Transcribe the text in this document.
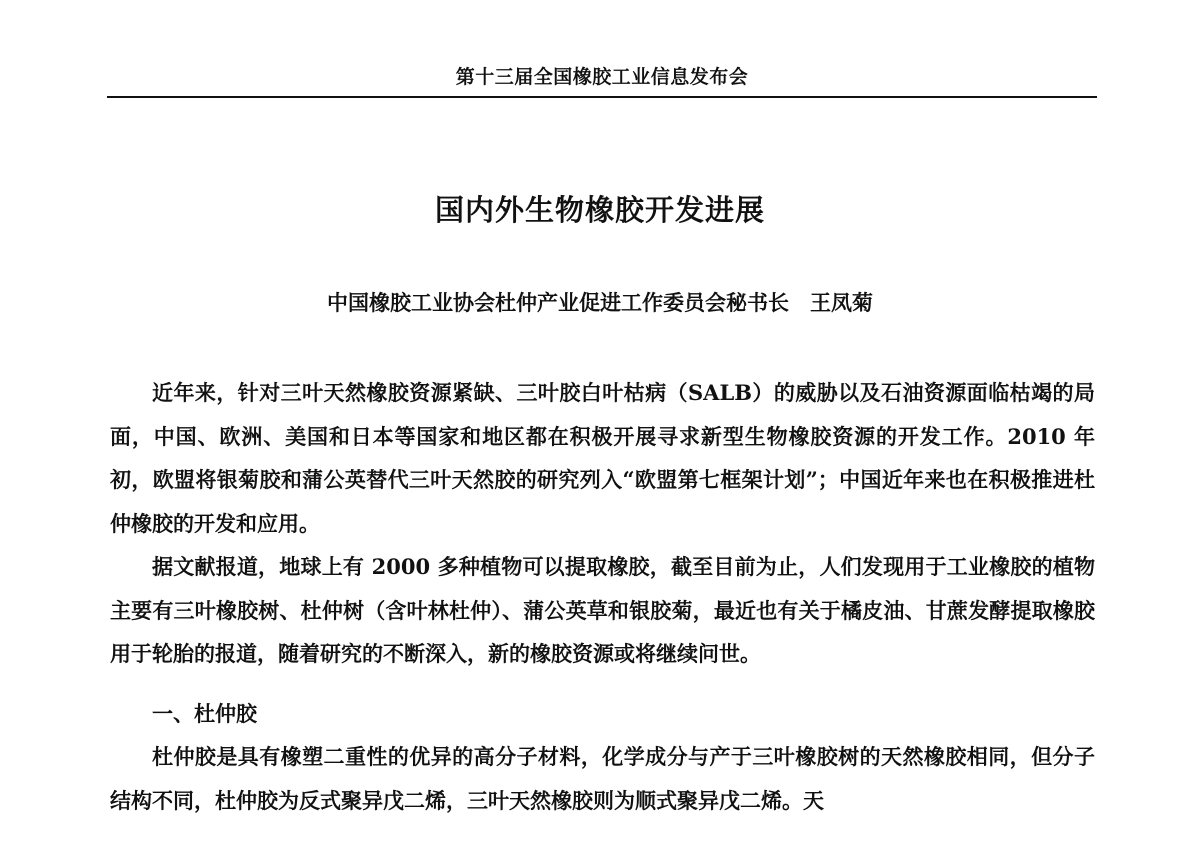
第十三届全国橡胶工业信息发布会
国内外生物橡胶开发进展
中国橡胶工业协会杜仲产业促进工作委员会秘书长　王凤菊

近年来，针对三叶天然橡胶资源紧缺、三叶胶白叶枯病（SALB）的威胁以及石油资源面临枯竭的局面，中国、欧洲、美国和日本等国家和地区都在积极开展寻求新型生物橡胶资源的开发工作。2010 年初，欧盟将银菊胶和蒲公英替代三叶天然胶的研究列入“欧盟第七框架计划”；中国近年来也在积极推进杜仲橡胶的开发和应用。

据文献报道，地球上有 2000 多种植物可以提取橡胶，截至目前为止，人们发现用于工业橡胶的植物主要有三叶橡胶树、杜仲树（含叶林杜仲）、蒲公英草和银胶菊，最近也有关于橘皮油、甘蔗发酵提取橡胶用于轮胎的报道，随着研究的不断深入，新的橡胶资源或将继续问世。

一、杜仲胶

杜仲胶是具有橡塑二重性的优异的高分子材料，化学成分与产于三叶橡胶树的天然橡胶相同，但分子结构不同，杜仲胶为反式聚异戊二烯，三叶天然橡胶则为顺式聚异戊二烯。天
